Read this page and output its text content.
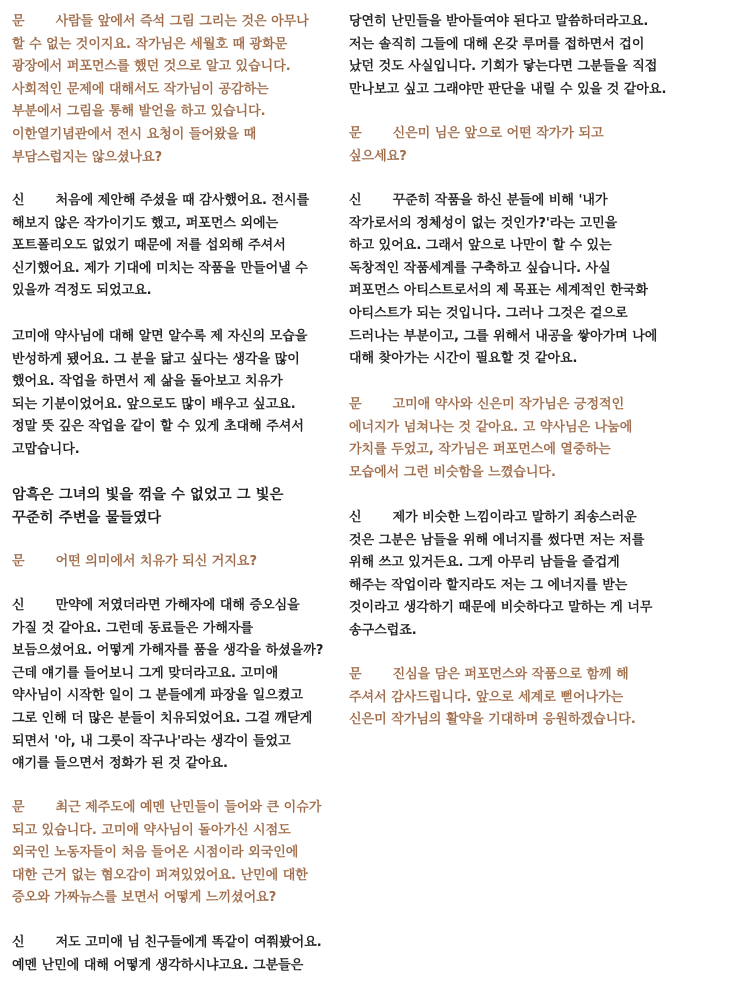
문 사람들 앞에서 즉석 그림 그리는 것은 아무나
할 수 없는 것이지요. 작가님은 세월호 때 광화문
광장에서 퍼포먼스를 했던 것으로 알고 있습니다.
사회적인 문제에 대해서도 작가님이 공감하는
부분에서 그림을 통해 발언을 하고 있습니다.
이한열기념관에서 전시 요청이 들어왔을 때
부담스럽지는 않으셨나요?
신 처음에 제안해 주셨을 때 감사했어요. 전시를
해보지 않은 작가이기도 했고, 퍼포먼스 외에는
포트폴리오도 없었기 때문에 저를 섭외해 주셔서
신기했어요. 제가 기대에 미치는 작품을 만들어낼 수
있을까 걱정도 되었고요.
고미애 약사님에 대해 알면 알수록 제 자신의 모습을
반성하게 됐어요. 그 분을 닮고 싶다는 생각을 많이
했어요. 작업을 하면서 제 삶을 돌아보고 치유가
되는 기분이었어요. 앞으로도 많이 배우고 싶고요.
정말 뜻 깊은 작업을 같이 할 수 있게 초대해 주셔서
고맙습니다.
암흑은 그녀의 빛을 꺾을 수 없었고 그 빛은
꾸준히 주변을 물들였다
문 어떤 의미에서 치유가 되신 거지요?
신 만약에 저였더라면 가해자에 대해 증오심을
가질 것 같아요. 그런데 동료들은 가해자를
보듬으셨어요. 어떻게 가해자를 품을 생각을 하셨을까?
근데 얘기를 들어보니 그게 맞더라고요. 고미애
약사님이 시작한 일이 그 분들에게 파장을 일으켰고
그로 인해 더 많은 분들이 치유되었어요. 그걸 깨닫게
되면서 '아, 내 그릇이 작구나'라는 생각이 들었고
얘기를 들으면서 정화가 된 것 같아요.
문 최근 제주도에 예멘 난민들이 들어와 큰 이슈가
되고 있습니다. 고미애 약사님이 돌아가신 시점도
외국인 노동자들이 처음 들어온 시점이라 외국인에
대한 근거 없는 혐오감이 퍼져있었어요. 난민에 대한
증오와 가짜뉴스를 보면서 어떻게 느끼셨어요?
신 저도 고미애 님 친구들에게 똑같이 여쭤봤어요.
예멘 난민에 대해 어떻게 생각하시냐고요. 그분들은
당연히 난민들을 받아들여야 된다고 말씀하더라고요.
저는 솔직히 그들에 대해 온갖 루머를 접하면서 겁이
났던 것도 사실입니다. 기회가 닿는다면 그분들을 직접
만나보고 싶고 그래야만 판단을 내릴 수 있을 것 같아요.
문 신은미 님은 앞으로 어떤 작가가 되고
싶으세요?
신 꾸준히 작품을 하신 분들에 비해 '내가
작가로서의 정체성이 없는 것인가?'라는 고민을
하고 있어요. 그래서 앞으로 나만이 할 수 있는
독창적인 작품세계를 구축하고 싶습니다. 사실
퍼포먼스 아티스트로서의 제 목표는 세계적인 한국화
아티스트가 되는 것입니다. 그러나 그것은 겉으로
드러나는 부분이고, 그를 위해서 내공을 쌓아가며 나에
대해 찾아가는 시간이 필요할 것 같아요.
문 고미애 약사와 신은미 작가님은 긍정적인
에너지가 넘쳐나는 것 같아요. 고 약사님은 나눔에
가치를 두었고, 작가님은 퍼포먼스에 열중하는
모습에서 그런 비슷함을 느꼈습니다.
신 제가 비슷한 느낌이라고 말하기 죄송스러운
것은 그분은 남들을 위해 에너지를 썼다면 저는 저를
위해 쓰고 있거든요. 그게 아무리 남들을 즐겁게
해주는 작업이라 할지라도 저는 그 에너지를 받는
것이라고 생각하기 때문에 비슷하다고 말하는 게 너무
송구스럽죠.
문 진심을 담은 퍼포먼스와 작품으로 함께 해
주셔서 감사드립니다. 앞으로 세계로 뻗어나가는
신은미 작가님의 활약을 기대하며 응원하겠습니다.
